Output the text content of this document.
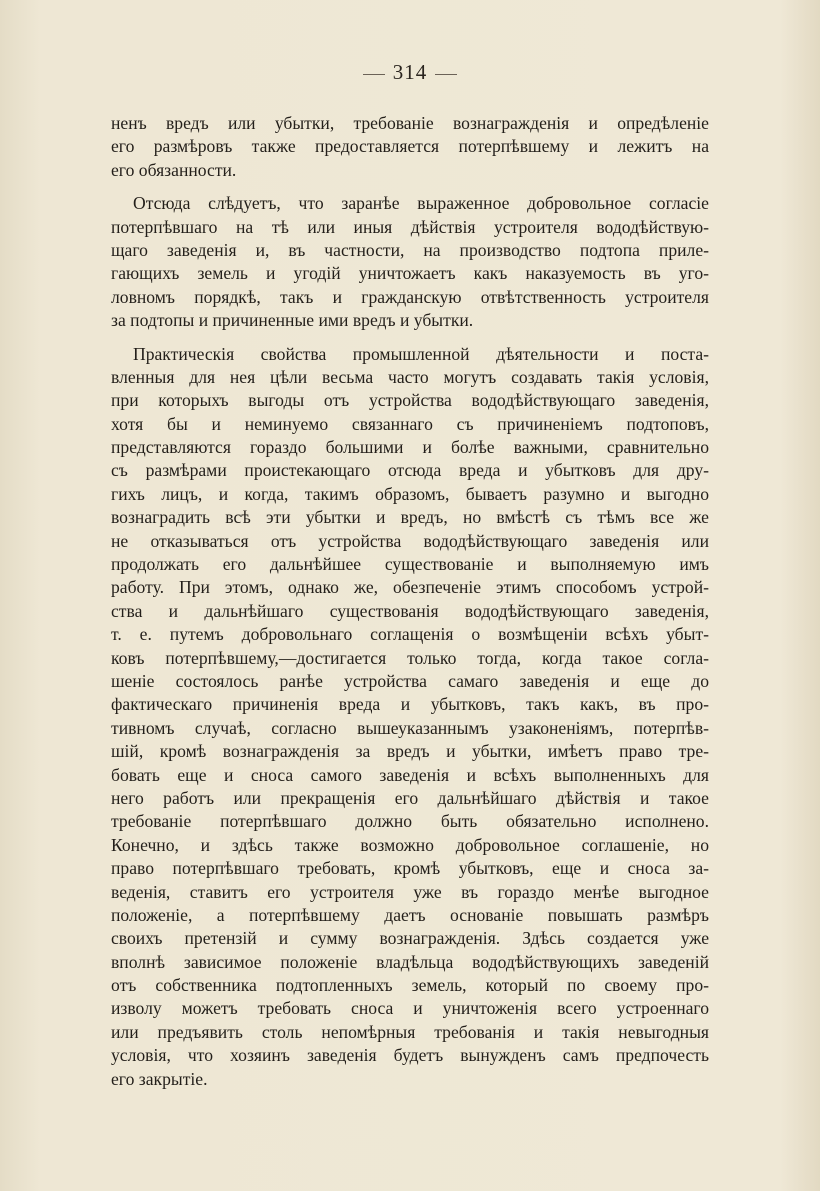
314
ненъ вредъ или убытки, требованіе вознагражденія и опредѣленіе
его размѣровъ также предоставляется потерпѣвшему и лежитъ на
его обязанности.
Отсюда слѣдуетъ, что заранѣе выраженное добровольное согласіе
потерпѣвшаго на тѣ или иныя дѣйствія устроителя вододѣйствую-
щаго заведенія и, въ частности, на производство подтопа приле-
гающихъ земель и угодій уничтожаетъ какъ наказуемость въ уго-
ловномъ порядкѣ, такъ и гражданскую отвѣтственность устроителя
за подтопы и причиненные ими вредъ и убытки.
Практическія свойства промышленной дѣятельности и поста-
вленныя для нея цѣли весьма часто могутъ создавать такія условія,
при которыхъ выгоды отъ устройства вододѣйствующаго заведенія,
хотя бы и неминуемо связаннаго съ причиненіемъ подтоповъ,
представляются гораздо большими и болѣе важными, сравнительно
съ размѣрами проистекающаго отсюда вреда и убытковъ для дру-
гихъ лицъ, и когда, такимъ образомъ, бываетъ разумно и выгодно
вознаградить всѣ эти убытки и вредъ, но вмѣстѣ съ тѣмъ все же
не отказываться отъ устройства вододѣйствующаго заведенія или
продолжать его дальнѣйшее существованіе и выполняемую имъ
работу. При этомъ, однако же, обезпеченіе этимъ способомъ устрой-
ства и дальнѣйшаго существованія вододѣйствующаго заведенія,
т. е. путемъ добровольнаго соглащенія о возмѣщеніи всѣхъ убыт-
ковъ потерпѣвшему,—достигается только тогда, когда такое согла-
шеніе состоялось ранѣе устройства самаго заведенія и еще до
фактическаго причиненія вреда и убытковъ, такъ какъ, въ про-
тивномъ случаѣ, согласно вышеуказаннымъ узаконеніямъ, потерпѣв-
шій, кромѣ вознагражденія за вредъ и убытки, имѣетъ право тре-
бовать еще и сноса самого заведенія и всѣхъ выполненныхъ для
него работъ или прекращенія его дальнѣйшаго дѣйствія и такое
требованіе потерпѣвшаго должно быть обязательно исполнено.
Конечно, и здѣсь также возможно добровольное соглашеніе, но
право потерпѣвшаго требовать, кромѣ убытковъ, еще и сноса за-
веденія, ставитъ его устроителя уже въ гораздо менѣе выгодное
положеніе, а потерпѣвшему даетъ основаніе повышать размѣръ
своихъ претензій и сумму вознагражденія. Здѣсь создается уже
вполнѣ зависимое положеніе владѣльца вододѣйствующихъ заведеній
отъ собственника подтопленныхъ земель, который по своему про-
изволу можетъ требовать сноса и уничтоженія всего устроеннаго
или предъявить столь непомѣрныя требованія и такія невыгодныя
условія, что хозяинъ заведенія будетъ вынужденъ самъ предпочесть
его закрытіе.
